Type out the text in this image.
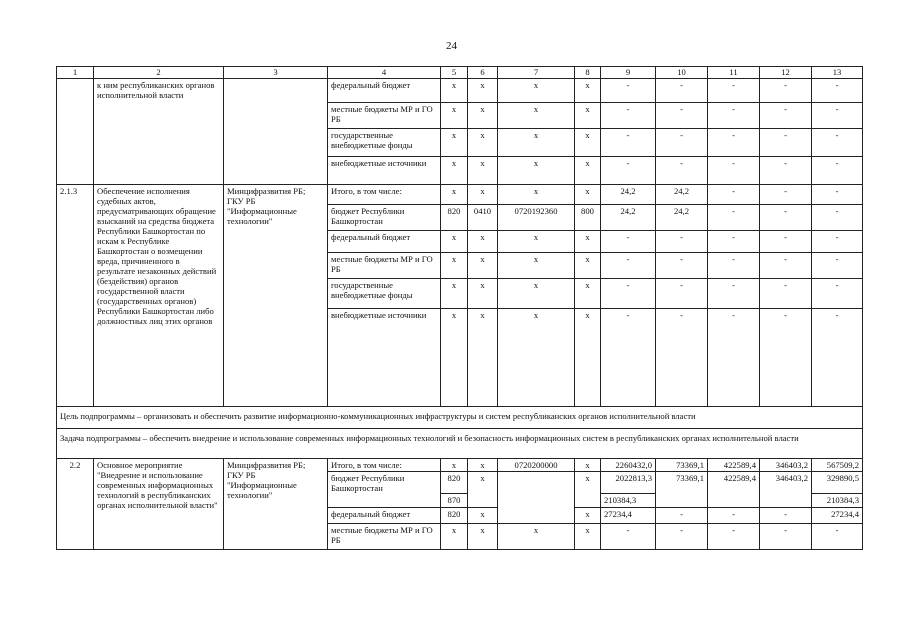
24
1	2	3	4	5	6	7	8	9	10	11	12	13
	к ним республиканских органов исполнительной власти		федеральный бюджет	x	x	x	x	-	-	-	-	-
			местные бюджеты МР и ГО РБ	x	x	x	x	-	-	-	-	-
			государственные внебюджетные фонды	x	x	x	x	-	-	-	-	-
			внебюджетные источники	x	x	x	x	-	-	-	-	-
2.1.3	Обеспечение исполнения судебных актов, предусматривающих обращение взысканий на средства бюджета Республики Башкортостан по искам к Республике Башкортостан о возмещении вреда, причиненного в результате незаконных действий (бездействия) органов государственной власти (государственных органов) Республики Башкортостан либо должностных лиц этих органов	Минцифразвития РБ; ГКУ РБ "Информационные технологии"	Итого, в том числе:	x	x	x	x	24,2	24,2	-	-	-
			бюджет Республики Башкортостан	820	0410	0720192360	800	24,2	24,2	-	-	-
			федеральный бюджет	x	x	x	x	-	-	-	-	-
			местные бюджеты МР и ГО РБ	x	x	x	x	-	-	-	-	-
			государственные внебюджетные фонды	x	x	x	x	-	-	-	-	-
			внебюджетные источники	x	x	x	x	-	-	-	-	-
Цель подпрограммы – организовать и обеспечить развитие информационно-коммуникационных инфраструктуры и систем республиканских органов исполнительной власти												
Задача подпрограммы – обеспечить внедрение и использование современных информационных технологий и безопасность информационных систем в республиканских органах исполнительной власти												
2.2	Основное мероприятие "Внедрение и использование современных информационных технологий в республиканских органах исполнительной власти"	Минцифразвития РБ; ГКУ РБ "Информационные технологии"	Итого, в том числе:	x	x	0720200000	x	2260432,0	73369,1	422589,4	346403,2	567509,2
			бюджет Республики Башкортостан	820	x		x	2022813,3	73369,1	422589,4	346403,2	329890,5
				870				210384,3				210384,3
			федеральный бюджет	820	x		x	27234,4	-	-	-	27234,4
			местные бюджеты МР и ГО РБ	x	x	x	x	-	-	-	-	-
